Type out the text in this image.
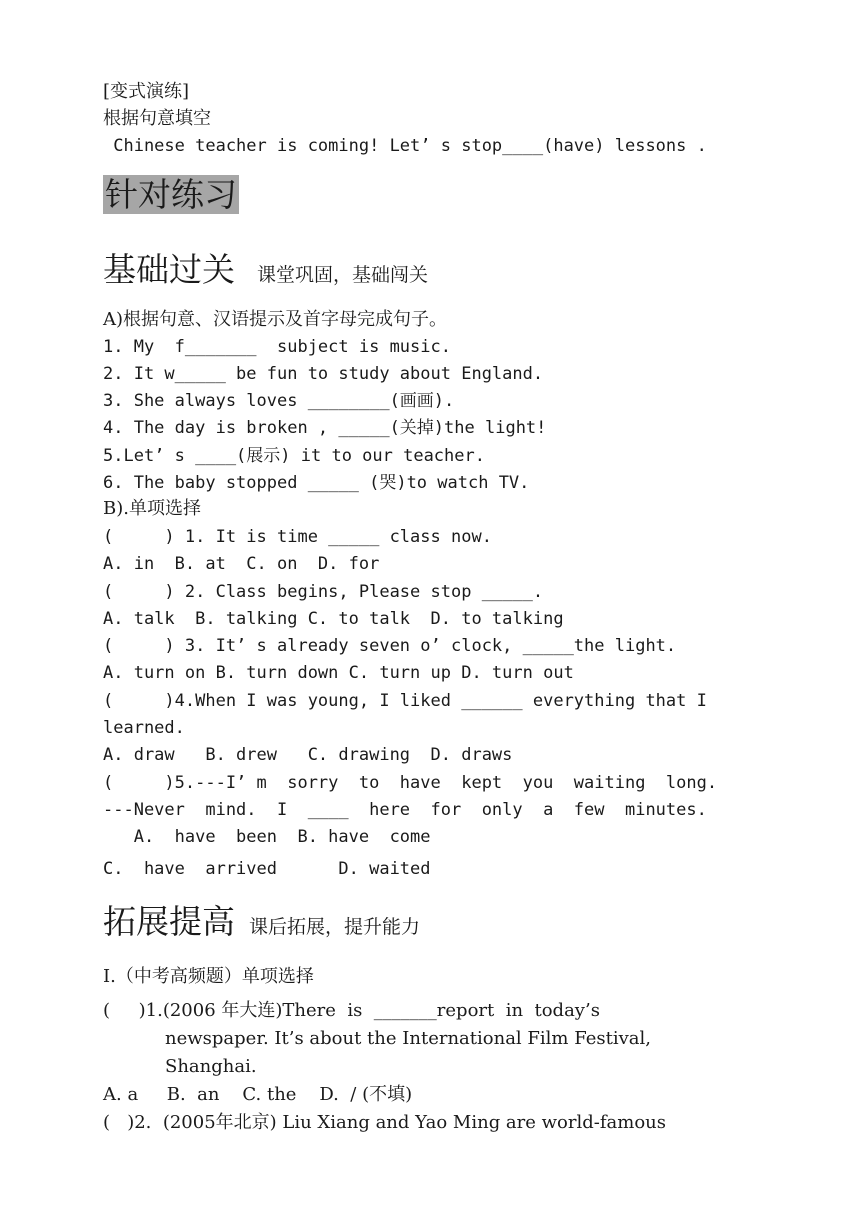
[变式演练]
根据句意填空
Chinese teacher is coming! Let’ s stop____(have) lessons .
针对练习
基础过关 课堂巩固，基础闯关
A)根据句意、汉语提示及首字母完成句子。
1. My  f_______  subject is music.
2. It w_____ be fun to study about England.
3. She always loves ________(画画).
4. The day is broken , _____(关掉)the light!
5.Let’ s ____(展示) it to our teacher.
6. The baby stopped _____ (哭)to watch TV.
B).单项选择
(     ) 1. It is time _____ class now.
A. in  B. at  C. on  D. for
(     ) 2. Class begins, Please stop _____.
A. talk  B. talking C. to talk  D. to talking
(     ) 3. It’ s already seven o’ clock, _____the light.
A. turn on B. turn down C. turn up D. turn out
(     )4.When I was young, I liked ______ everything that I
learned.
A. draw   B. drew   C. drawing  D. draws
(     )5.---I’ m  sorry  to  have  kept  you  waiting  long.
---Never  mind.  I  ____  here  for  only  a  few  minutes.
A.  have  been  B. have  come
C.  have  arrived      D. waited
拓展提高 课后拓展，提升能力
Ⅰ.（中考高频题）单项选择
(     )1.(2006 年大连)There  is  _______report  in  today’s
newspaper. It’s about the International Film Festival,
Shanghai.
A. a     B.  an    C. the    D.  / (不填)
(   )2.  (2005年北京) Liu Xiang and Yao Ming are world-famous
